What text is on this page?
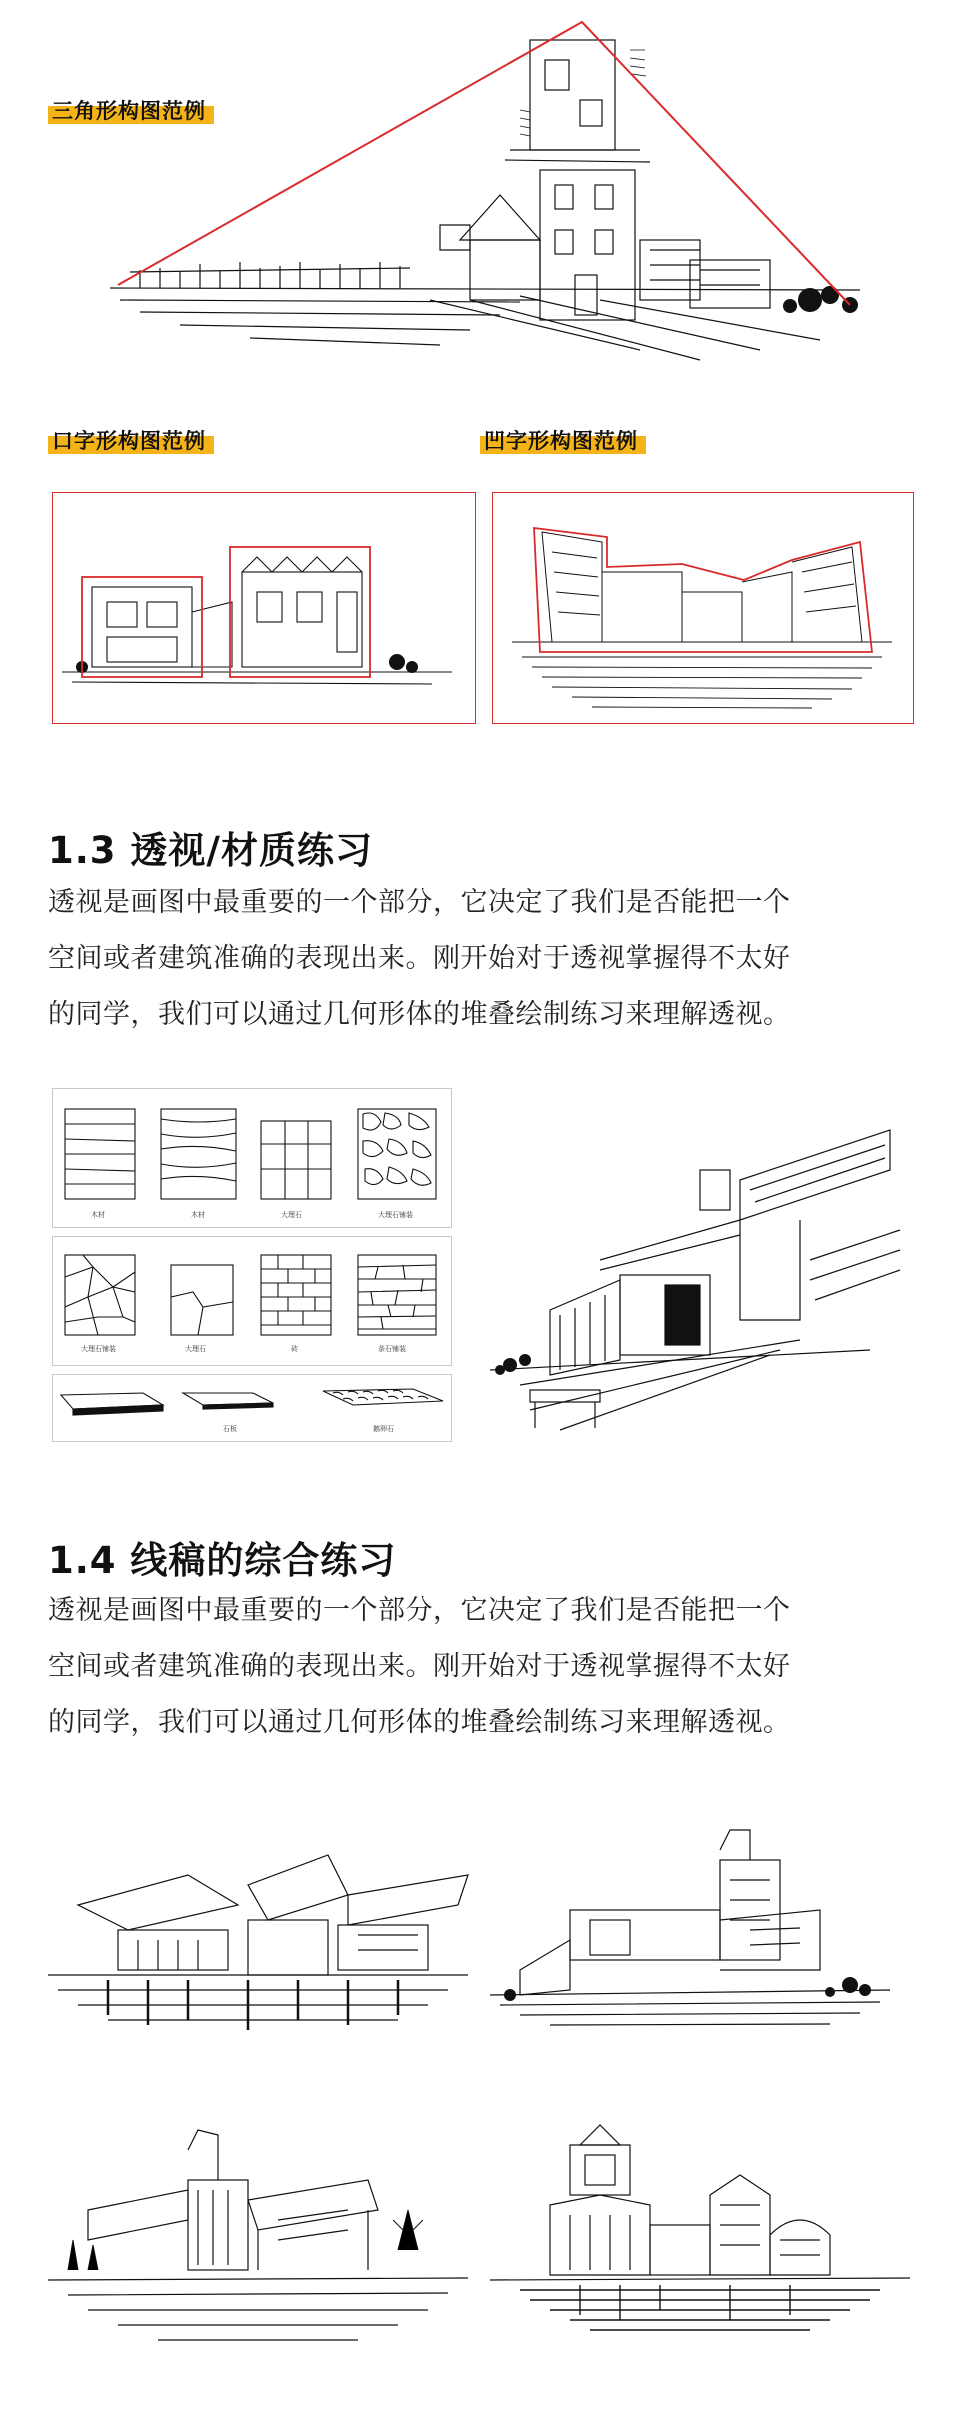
三角形构图范例
口字形构图范例	凹字形构图范例
1.3 透视/材质练习

透视是画图中最重要的一个部分，它决定了我们是否能把一个

空间或者建筑准确的表现出来。刚开始对于透视掌握得不太好

的同学，我们可以通过几何形体的堆叠绘制练习来理解透视。

木材	木材	大理石	大理石铺装
大理石铺装	大理石	砖	条石铺装
石板	鹅卵石
1.4 线稿的综合练习

透视是画图中最重要的一个部分，它决定了我们是否能把一个

空间或者建筑准确的表现出来。刚开始对于透视掌握得不太好

的同学，我们可以通过几何形体的堆叠绘制练习来理解透视。
